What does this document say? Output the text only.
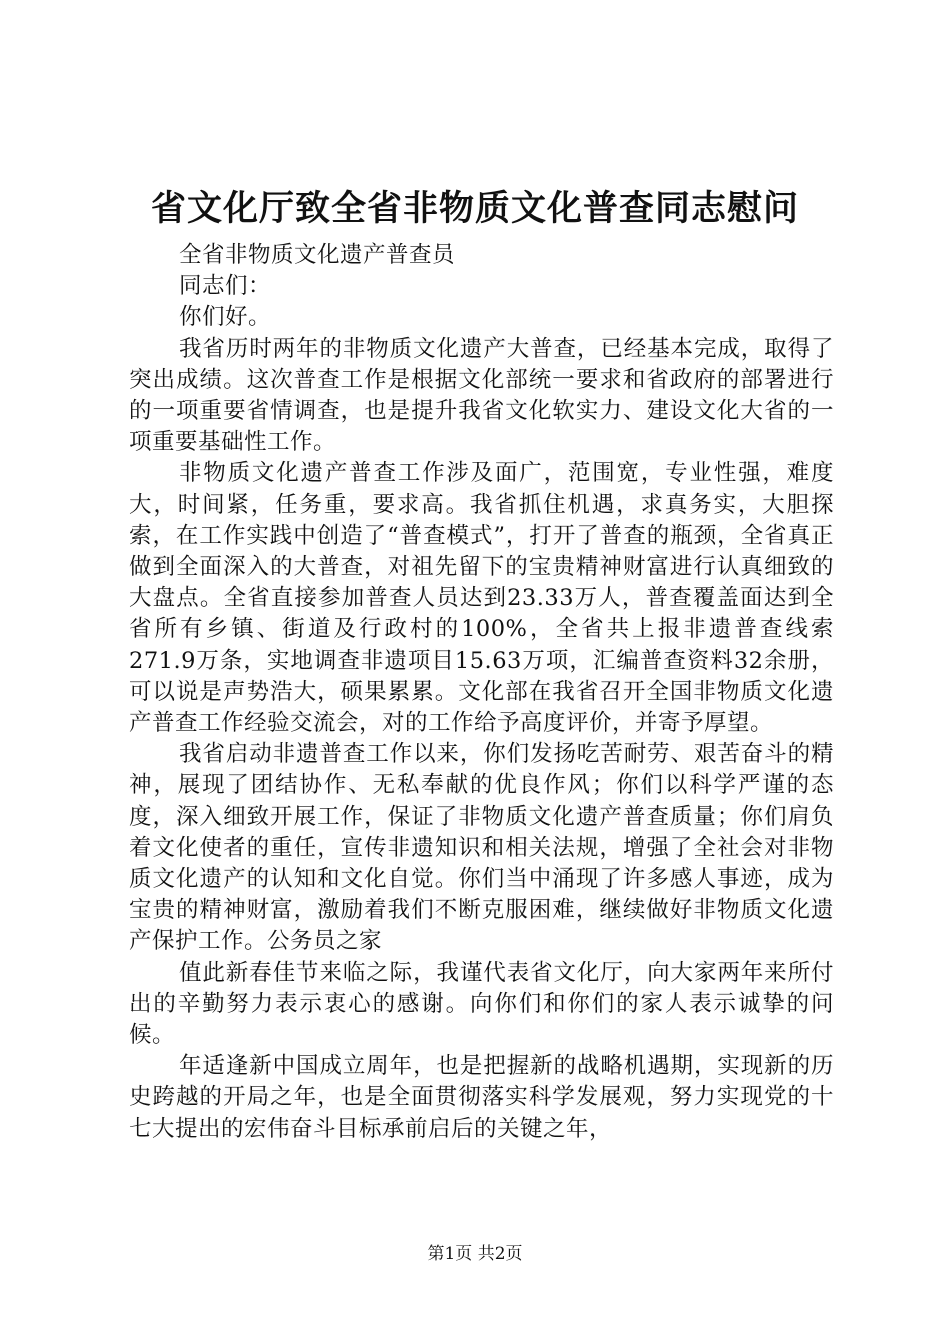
省文化厅致全省非物质文化普查同志慰问

全省非物质文化遗产普查员

同志们：

你们好。

我省历时两年的非物质文化遗产大普查，已经基本完成，取得了突出成绩。这次普查工作是根据文化部统一要求和省政府的部署进行的一项重要省情调查，也是提升我省文化软实力、建设文化大省的一项重要基础性工作。

非物质文化遗产普查工作涉及面广，范围宽，专业性强，难度大，时间紧，任务重，要求高。我省抓住机遇，求真务实，大胆探索，在工作实践中创造了“普查模式”，打开了普查的瓶颈，全省真正做到全面深入的大普查，对祖先留下的宝贵精神财富进行认真细致的大盘点。全省直接参加普查人员达到23.33万人，普查覆盖面达到全省所有乡镇、街道及行政村的100%，全省共上报非遗普查线索271.9万条，实地调查非遗项目15.63万项，汇编普查资料32余册，可以说是声势浩大，硕果累累。文化部在我省召开全国非物质文化遗产普查工作经验交流会，对的工作给予高度评价，并寄予厚望。

我省启动非遗普查工作以来，你们发扬吃苦耐劳、艰苦奋斗的精神，展现了团结协作、无私奉献的优良作风；你们以科学严谨的态度，深入细致开展工作，保证了非物质文化遗产普查质量；你们肩负着文化使者的重任，宣传非遗知识和相关法规，增强了全社会对非物质文化遗产的认知和文化自觉。你们当中涌现了许多感人事迹，成为宝贵的精神财富，激励着我们不断克服困难，继续做好非物质文化遗产保护工作。公务员之家

值此新春佳节来临之际，我谨代表省文化厅，向大家两年来所付出的辛勤努力表示衷心的感谢。向你们和你们的家人表示诚挚的问候。

年适逢新中国成立周年，也是把握新的战略机遇期，实现新的历史跨越的开局之年，也是全面贯彻落实科学发展观，努力实现党的十七大提出的宏伟奋斗目标承前启后的关键之年，

第1页 共2页
